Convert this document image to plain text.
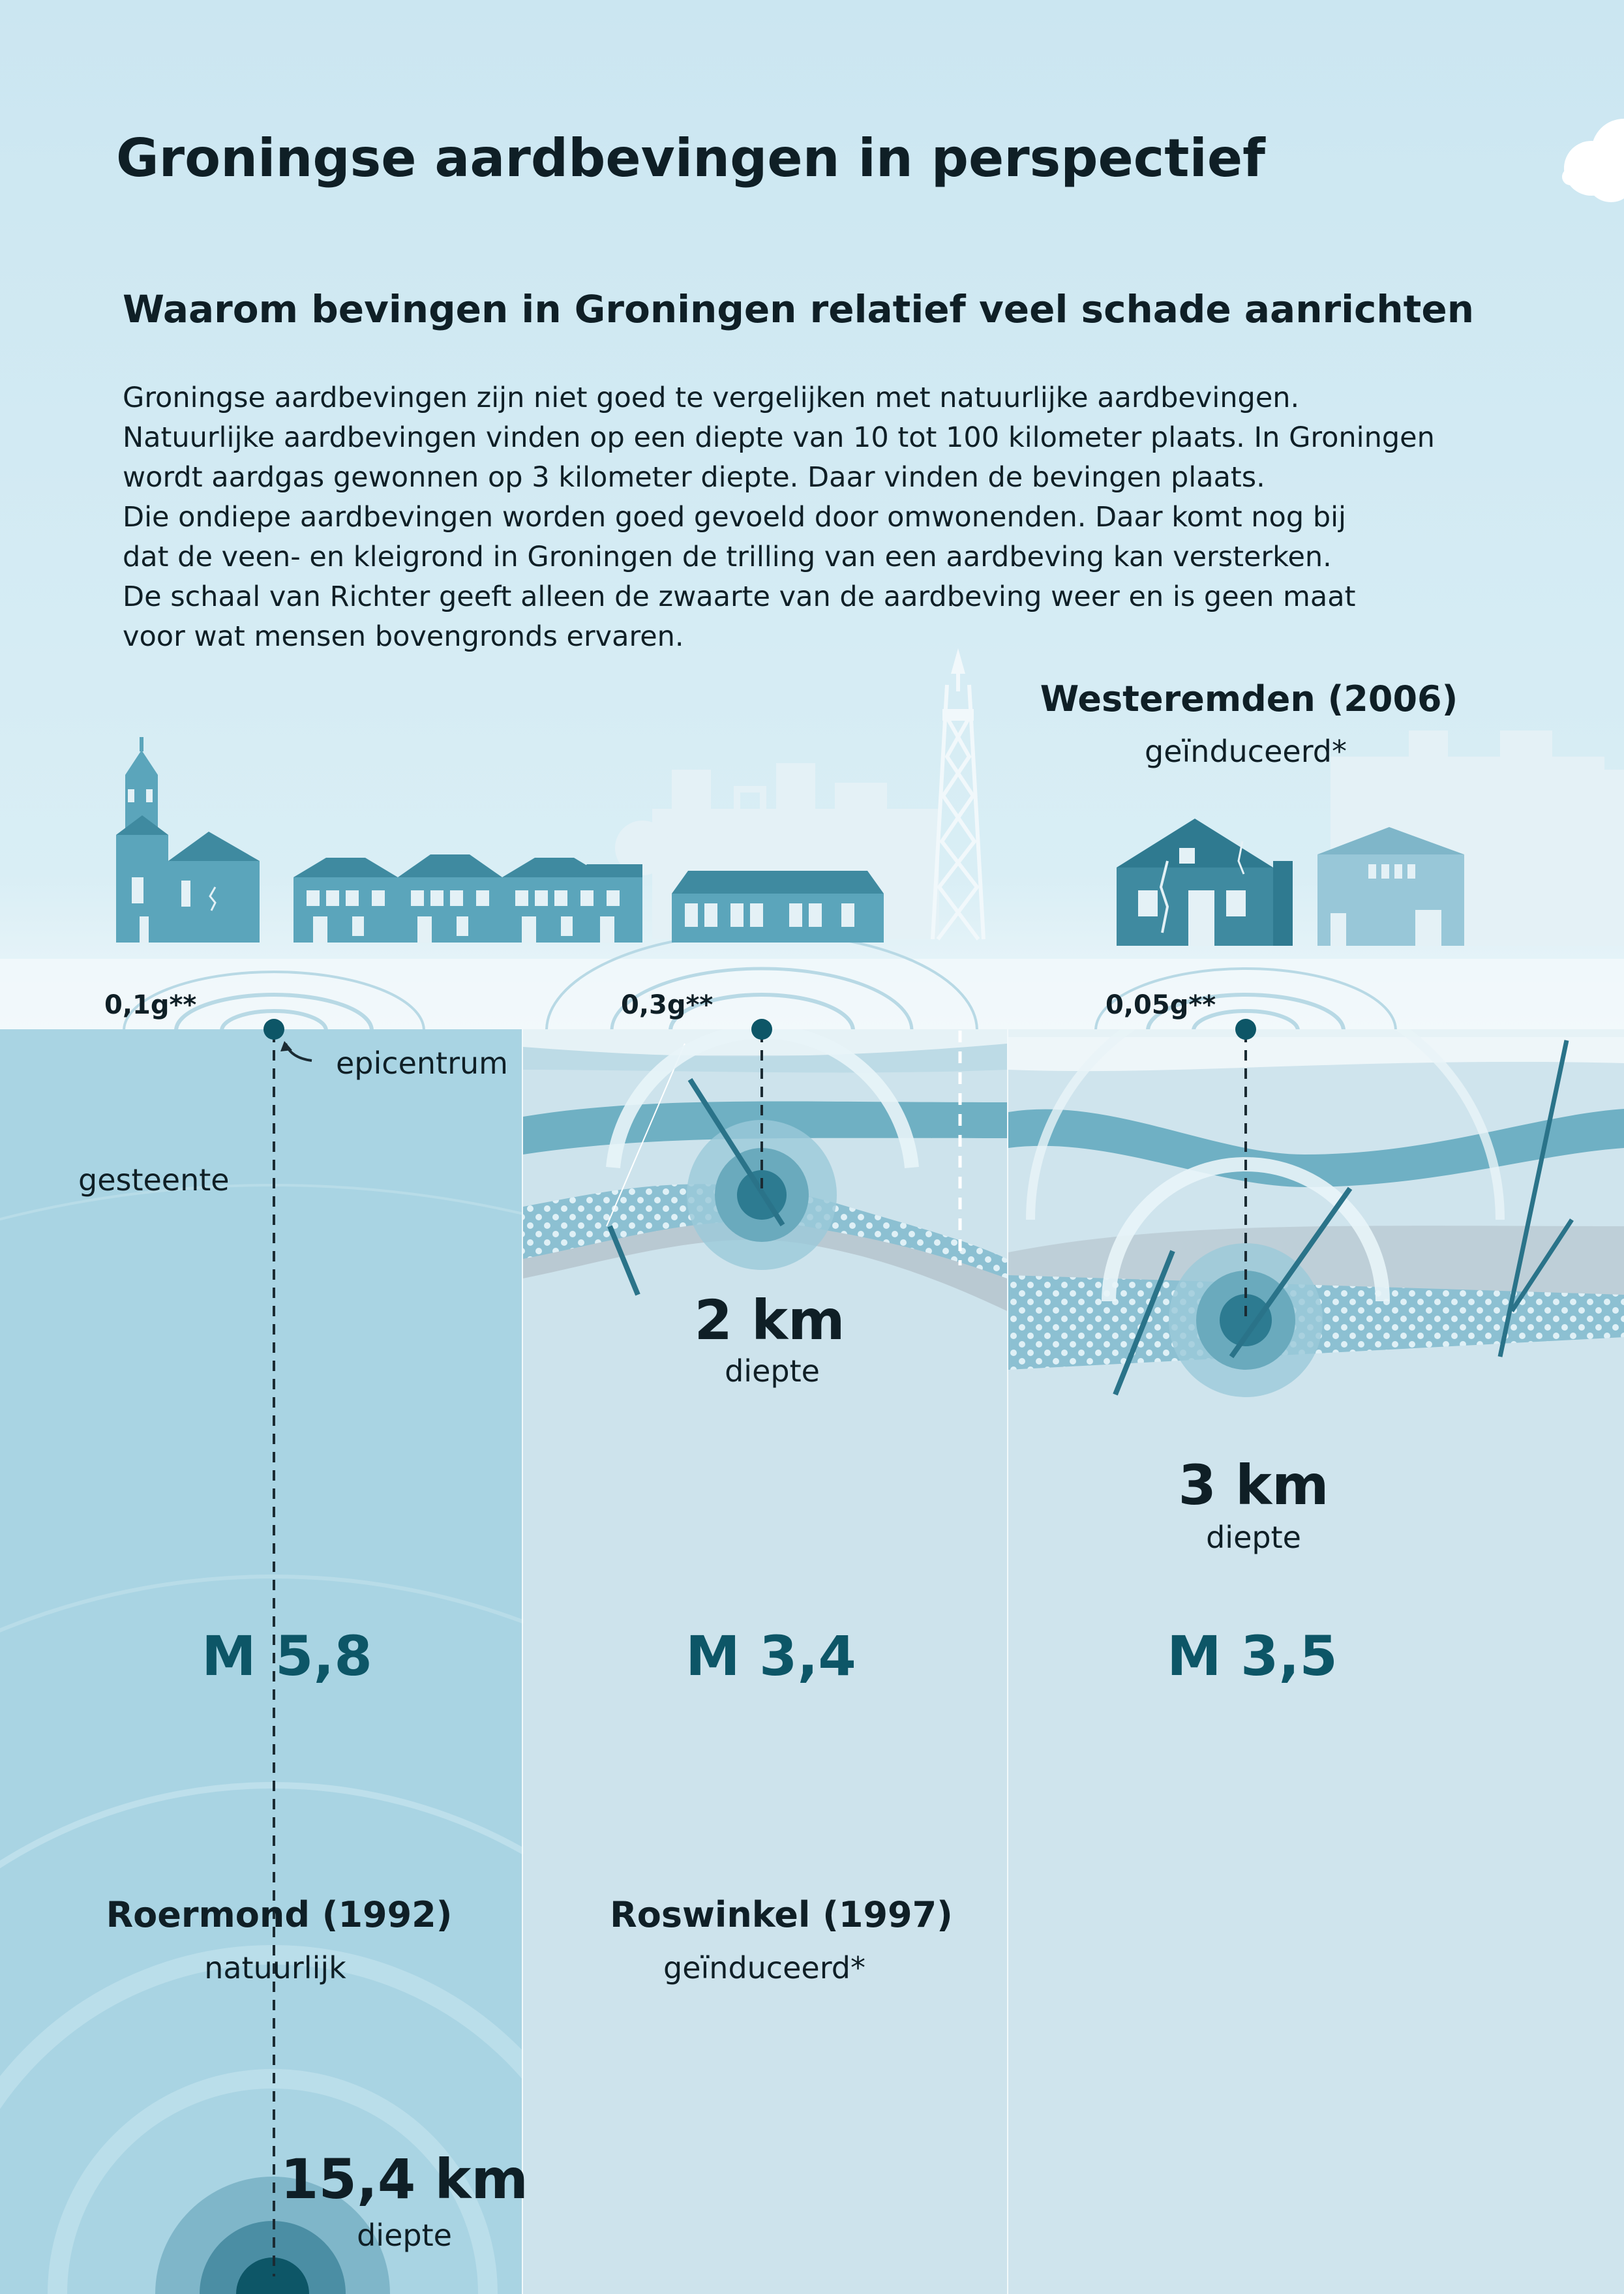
Groningse aardbevingen in perspectief
Waarom bevingen in Groningen relatief veel schade aanrichten
Groningse aardbevingen zijn niet goed te vergelijken met natuurlijke aardbevingen.
Natuurlijke aardbevingen vinden op een diepte van 10 tot 100 kilometer plaats. In Groningen
wordt aardgas gewonnen op 3 kilometer diepte. Daar vinden de bevingen plaats.
Die ondiepe aardbevingen worden goed gevoeld door omwonenden. Daar komt nog bij
dat de veen- en kleigrond in Groningen de trilling van een aardbeving kan versterken.
De schaal van Richter geeft alleen de zwaarte van de aardbeving weer en is geen maat
voor wat mensen bovengronds ervaren.
Westeremden (2006)
geïnduceerd*
0,1g**	0,3g**	0,05g**
epicentrum
gesteente
2 km
diepte
3 km
diepte
15,4 km
diepte
M 5,8	M 3,4	M 3,5
Roermond (1992)
natuurlijk
Roswinkel (1997)
geïnduceerd*
